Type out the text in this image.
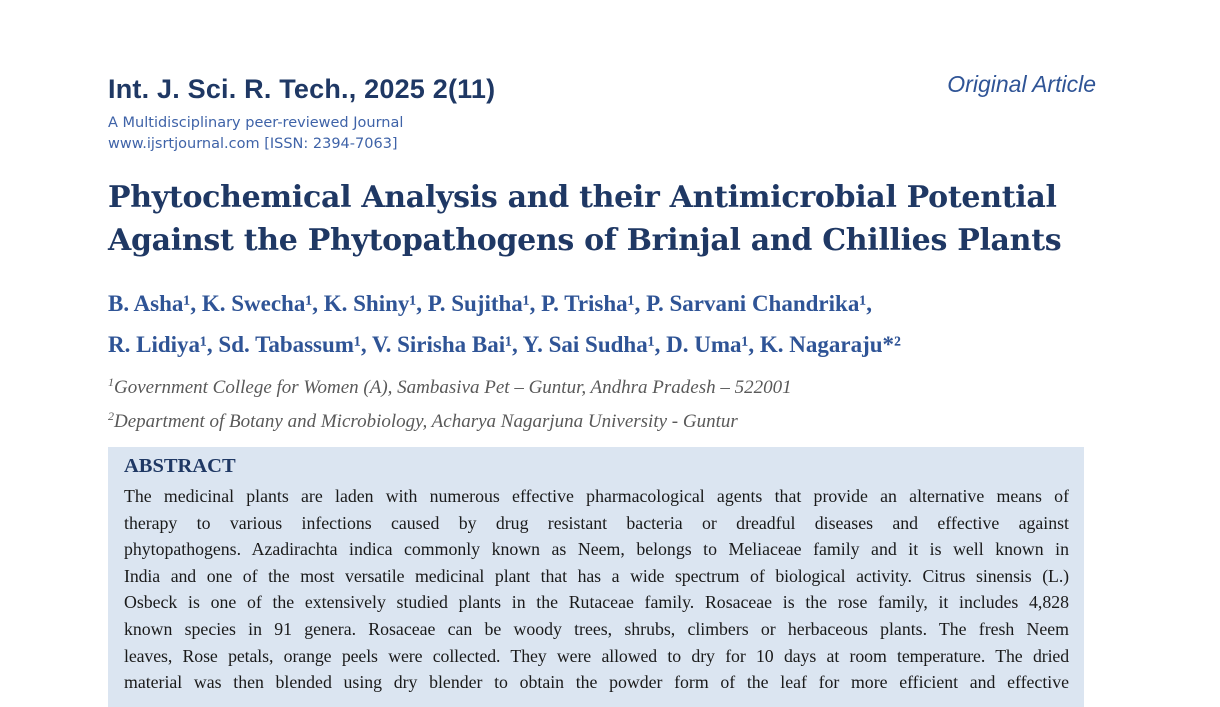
Int. J. Sci. R. Tech., 2025 2(11)	Original Article
A Multidisciplinary peer-reviewed Journal
www.ijsrtjournal.com [ISSN: 2394-7063]
Phytochemical Analysis and their Antimicrobial Potential
Against the Phytopathogens of Brinjal and Chillies Plants
B. Asha¹, K. Swecha¹, K. Shiny¹, P. Sujitha¹, P. Trisha¹, P. Sarvani Chandrika¹,
R. Lidiya¹, Sd. Tabassum¹, V. Sirisha Bai¹, Y. Sai Sudha¹, D. Uma¹, K. Nagaraju*²
$^1$Government College for Women (A), Sambasiva Pet – Guntur, Andhra Pradesh – 522001
$^2$Department of Botany and Microbiology, Acharya Nagarjuna University - Guntur
ABSTRACT
The medicinal plants are laden with numerous effective pharmacological agents that provide an alternative means of
therapy to various infections caused by drug resistant bacteria or dreadful diseases and effective against
phytopathogens. Azadirachta indica commonly known as Neem, belongs to Meliaceae family and it is well known in
India and one of the most versatile medicinal plant that has a wide spectrum of biological activity. Citrus sinensis (L.)
Osbeck is one of the extensively studied plants in the Rutaceae family. Rosaceae is the rose family, it includes 4,828
known species in 91 genera. Rosaceae can be woody trees, shrubs, climbers or herbaceous plants. The fresh Neem
leaves, Rose petals, orange peels were collected. They were allowed to dry for 10 days at room temperature. The dried
material was then blended using dry blender to obtain the powder form of the leaf for more efficient and effective
